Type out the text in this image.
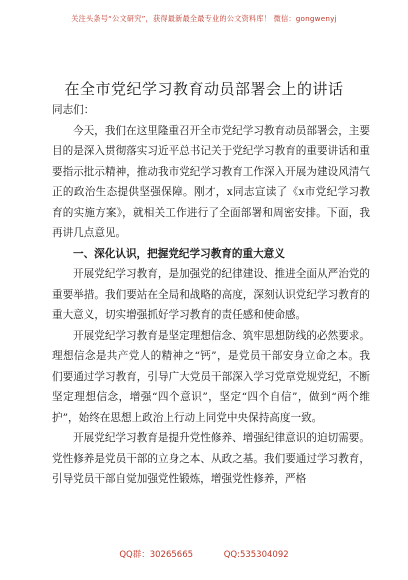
关注头条号“公文研究”，获得最新最全最专业的公文资料库！ 微信：gongwenyj
在全市党纪学习教育动员部署会上的讲话

同志们：

今天，我们在这里隆重召开全市党纪学习教育动员部署会，主要目的是深入贯彻落实习近平总书记关于党纪学习教育的重要讲话和重要指示批示精神，推动我市党纪学习教育工作深入开展为建设风清气正的政治生态提供坚强保障。刚才，x同志宣读了《x市党纪学习教育的实施方案》，就相关工作进行了全面部署和周密安排。下面，我再讲几点意见。

一、深化认识，把握党纪学习教育的重大意义

开展党纪学习教育，是加强党的纪律建设、推进全面从严治党的重要举措。我们要站在全局和战略的高度，深刻认识党纪学习教育的重大意义，切实增强抓好学习教育的责任感和使命感。

开展党纪学习教育是坚定理想信念、筑牢思想防线的必然要求。理想信念是共产党人的精神之“钙”，是党员干部安身立命之本。我们要通过学习教育，引导广大党员干部深入学习党章党规党纪，不断坚定理想信念，增强“四个意识”，坚定“四个自信”，做到“两个维护”，始终在思想上政治上行动上同党中央保持高度一致。

开展党纪学习教育是提升党性修养、增强纪律意识的迫切需要。党性修养是党员干部的立身之本、从政之基。我们要通过学习教育，引导党员干部自觉加强党性锻炼，增强党性修养，严格

QQ群：30265665	QQ:535304092
